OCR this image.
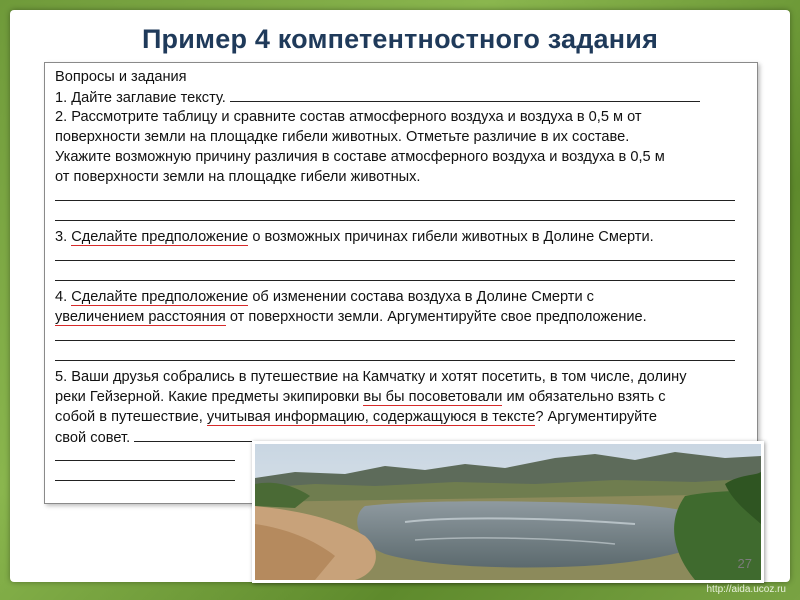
Пример 4 компетентностного задания
Вопросы и задания
1. Дайте заглавие тексту.
2. Рассмотрите таблицу и сравните состав атмосферного воздуха и воздуха в 0,5 м от
поверхности земли на площадке гибели животных. Отметьте различие в их составе.
Укажите возможную причину различия в составе атмосферного воздуха и воздуха в 0,5 м
от поверхности земли на площадке гибели животных.
3. Сделайте предположение о возможных причинах гибели животных в Долине Смерти.
4. Сделайте предположение об изменении состава воздуха в Долине Смерти с
увеличением расстояния от поверхности земли. Аргументируйте свое предположение.
5. Ваши друзья собрались в путешествие на Камчатку и хотят посетить, в том числе, долину
реки Гейзерной. Какие предметы экипировки вы бы посоветовали им обязательно взять с
собой в путешествие, учитывая информацию, содержащуюся в тексте? Аргументируйте
свой совет.
27
http://aida.ucoz.ru
